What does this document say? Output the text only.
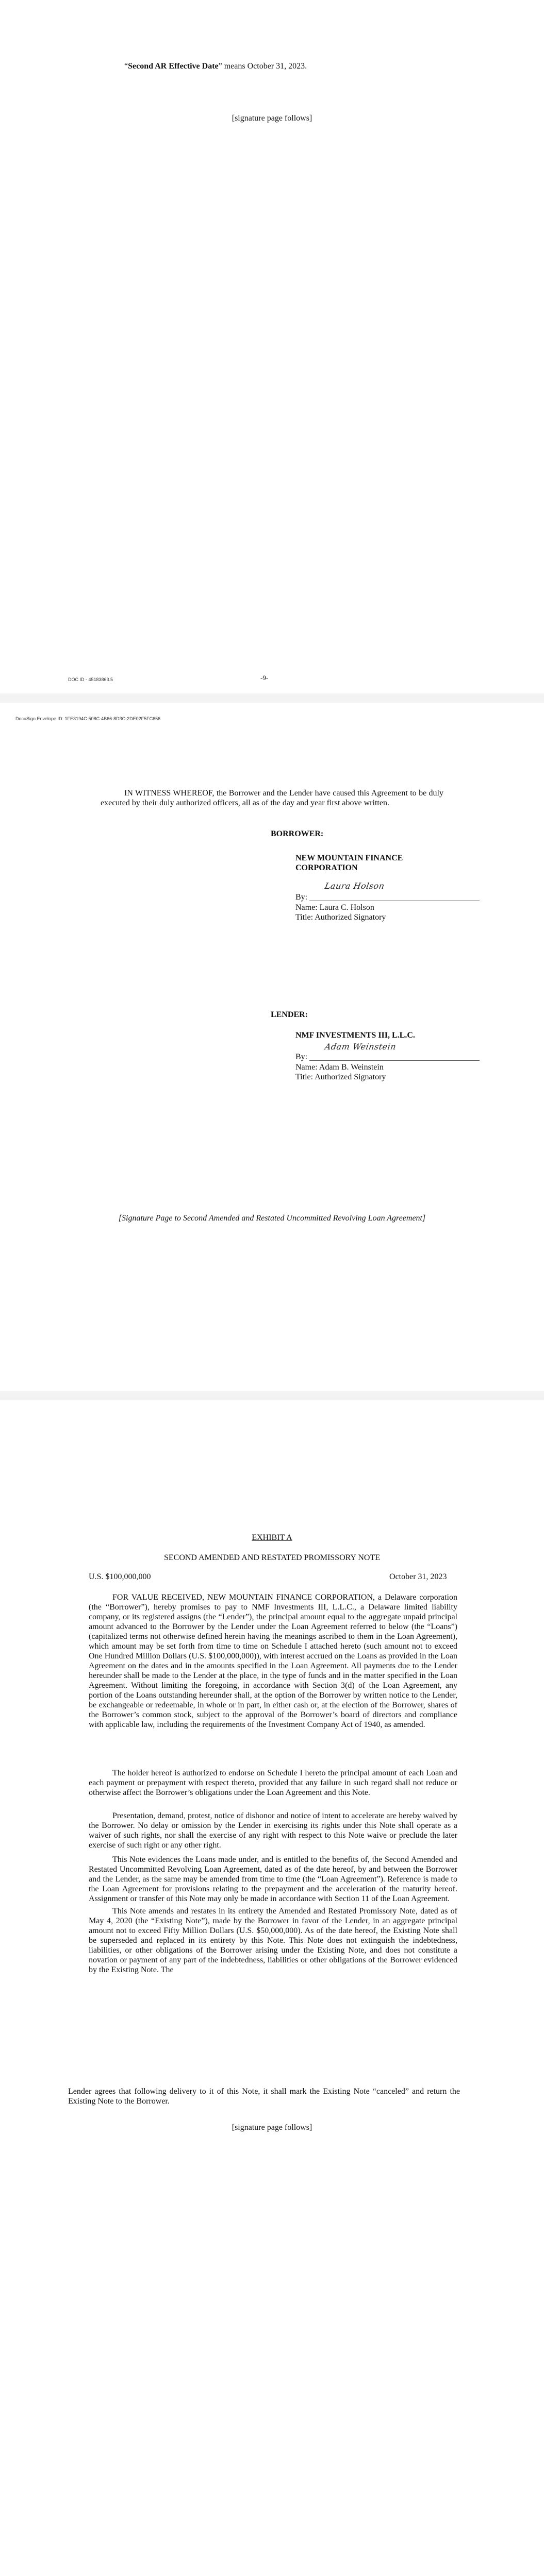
“Second AR Effective Date” means October 31, 2023.
[signature page follows]
DOC ID - 45183863.5	-9-
DocuSign Envelope ID: 1FE3194C-508C-4B66-8D3C-2DE02F5FC656

IN WITNESS WHEREOF, the Borrower and the Lender have caused this Agreement to be duly executed by their duly authorized officers, all as of the day and year first above written.

BORROWER:
NEW MOUNTAIN FINANCE
CORPORATION
By:
Laura Holson
Name: Laura C. Holson
Title: Authorized Signatory
LENDER:
NMF INVESTMENTS III, L.L.C.
By:
Adam Weinstein
Name: Adam B. Weinstein
Title: Authorized Signatory
[Signature Page to Second Amended and Restated Uncommitted Revolving Loan Agreement]
EXHIBIT A
SECOND AMENDED AND RESTATED PROMISSORY NOTE
U.S. $100,000,000	October 31, 2023

FOR VALUE RECEIVED, NEW MOUNTAIN FINANCE CORPORATION, a Delaware corporation (the “Borrower”), hereby promises to pay to NMF Investments III, L.L.C., a Delaware limited liability company, or its registered assigns (the “Lender”), the principal amount equal to the aggregate unpaid principal amount advanced to the Borrower by the Lender under the Loan Agreement referred to below (the “Loans”) (capitalized terms not otherwise defined herein having the meanings ascribed to them in the Loan Agreement), which amount may be set forth from time to time on Schedule I attached hereto (such amount not to exceed One Hundred Million Dollars (U.S. $100,000,000)), with interest accrued on the Loans as provided in the Loan Agreement on the dates and in the amounts specified in the Loan Agreement. All payments due to the Lender hereunder shall be made to the Lender at the place, in the type of funds and in the matter specified in the Loan Agreement. Without limiting the foregoing, in accordance with Section 3(d) of the Loan Agreement, any portion of the Loans outstanding hereunder shall, at the option of the Borrower by written notice to the Lender, be exchangeable or redeemable, in whole or in part, in either cash or, at the election of the Borrower, shares of the Borrower’s common stock, subject to the approval of the Borrower’s board of directors and compliance with applicable law, including the requirements of the Investment Company Act of 1940, as amended.

The holder hereof is authorized to endorse on Schedule I hereto the principal amount of each Loan and each payment or prepayment with respect thereto, provided that any failure in such regard shall not reduce or otherwise affect the Borrower’s obligations under the Loan Agreement and this Note.

Presentation, demand, protest, notice of dishonor and notice of intent to accelerate are hereby waived by the Borrower. No delay or omission by the Lender in exercising its rights under this Note shall operate as a waiver of such rights, nor shall the exercise of any right with respect to this Note waive or preclude the later exercise of such right or any other right.

This Note evidences the Loans made under, and is entitled to the benefits of, the Second Amended and Restated Uncommitted Revolving Loan Agreement, dated as of the date hereof, by and between the Borrower and the Lender, as the same may be amended from time to time (the “Loan Agreement”). Reference is made to the Loan Agreement for provisions relating to the prepayment and the acceleration of the maturity hereof. Assignment or transfer of this Note may only be made in accordance with Section 11 of the Loan Agreement.

This Note amends and restates in its entirety the Amended and Restated Promissory Note, dated as of May 4, 2020 (the “Existing Note”), made by the Borrower in favor of the Lender, in an aggregate principal amount not to exceed Fifty Million Dollars (U.S. $50,000,000). As of the date hereof, the Existing Note shall be superseded and replaced in its entirety by this Note. This Note does not extinguish the indebtedness, liabilities, or other obligations of the Borrower arising under the Existing Note, and does not constitute a novation or payment of any part of the indebtedness, liabilities or other obligations of the Borrower evidenced by the Existing Note. The

Lender agrees that following delivery to it of this Note, it shall mark the Existing Note “canceled” and return the Existing Note to the Borrower.

[signature page follows]
